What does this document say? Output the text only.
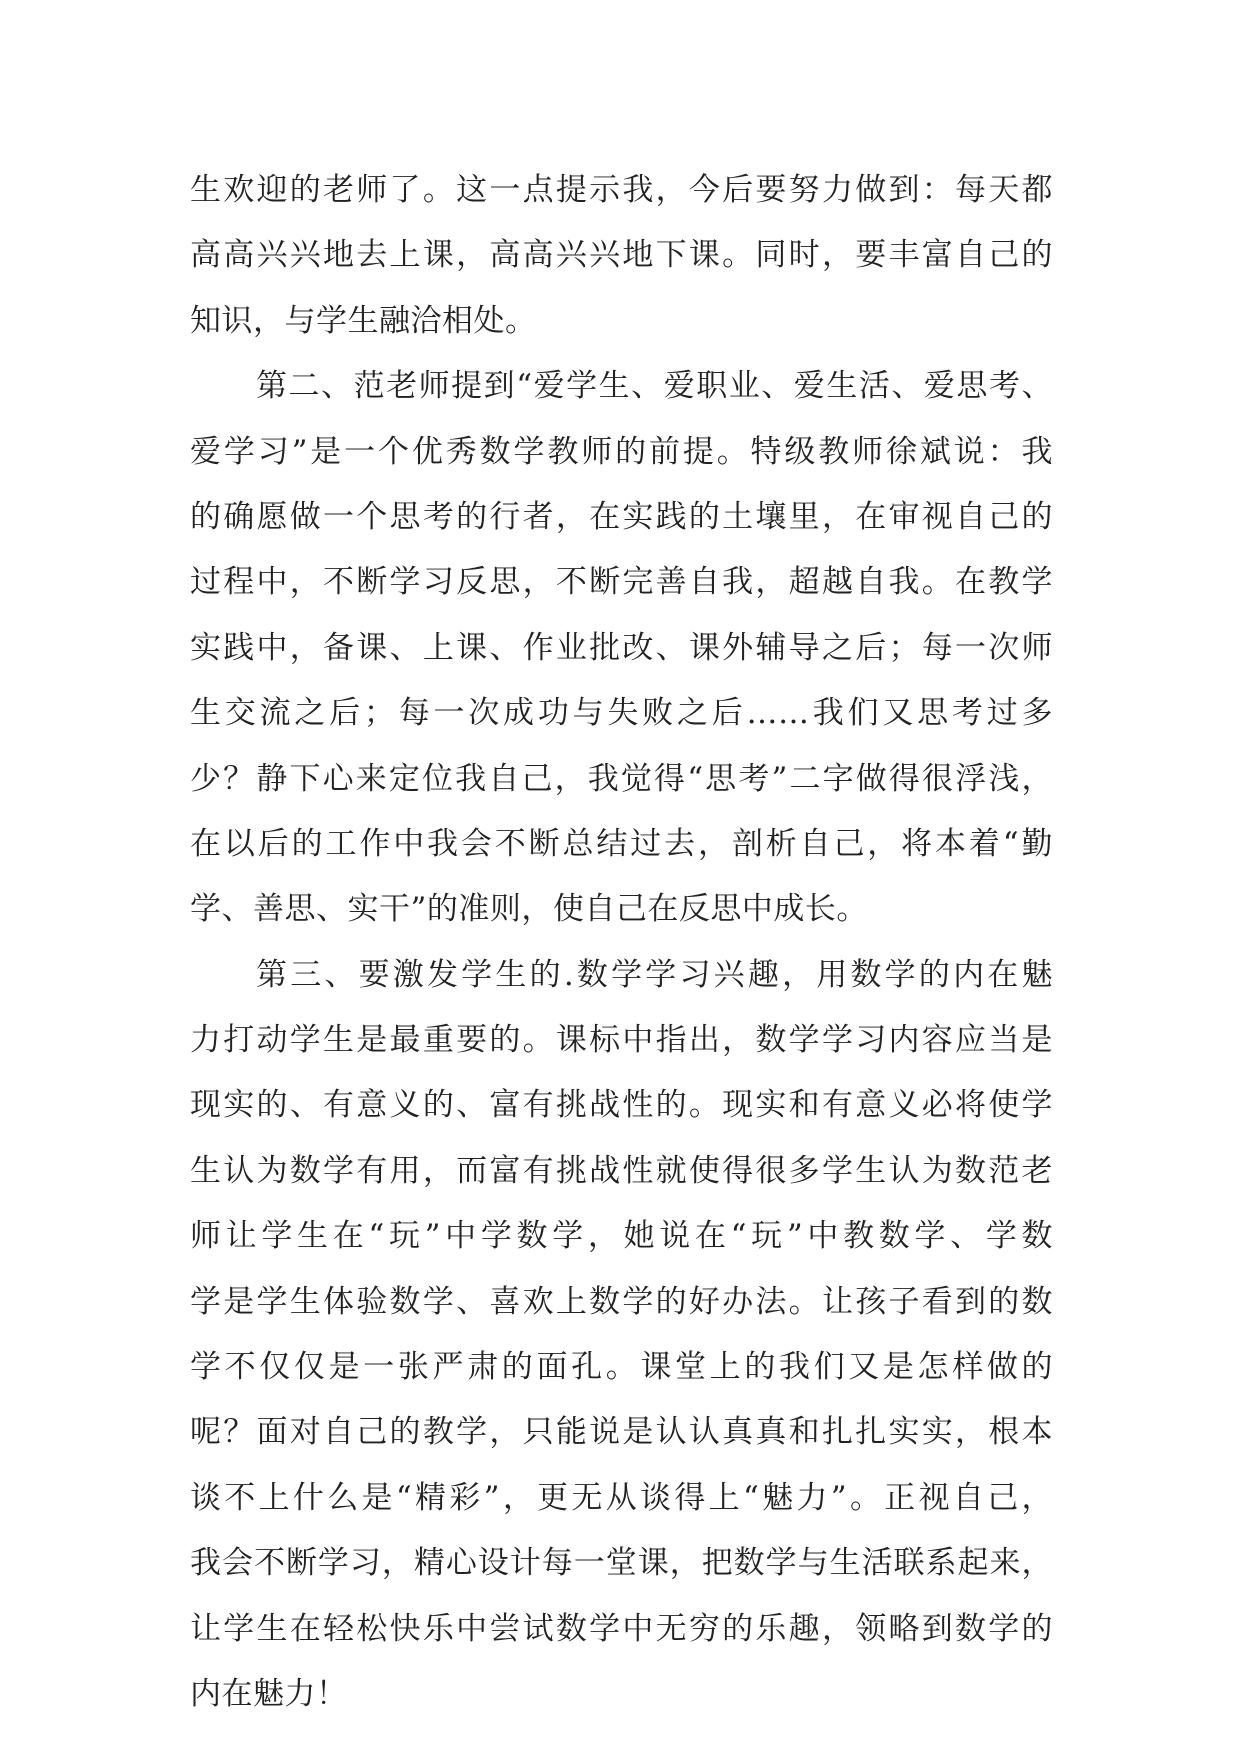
生欢迎的老师了。这一点提示我，今后要努力做到：每天都
高高兴兴地去上课，高高兴兴地下课。同时，要丰富自己的
知识，与学生融洽相处。
第二、范老师提到“爱学生、爱职业、爱生活、爱思考、
爱学习”是一个优秀数学教师的前提。特级教师徐斌说：我
的确愿做一个思考的行者，在实践的土壤里，在审视自己的
过程中，不断学习反思，不断完善自我，超越自我。在教学
实践中，备课、上课、作业批改、课外辅导之后；每一次师
生交流之后；每一次成功与失败之后……我们又思考过多
少？静下心来定位我自己，我觉得“思考”二字做得很浮浅，
在以后的工作中我会不断总结过去，剖析自己，将本着“勤
学、善思、实干”的准则，使自己在反思中成长。
第三、要激发学生的.数学学习兴趣，用数学的内在魅
力打动学生是最重要的。课标中指出，数学学习内容应当是
现实的、有意义的、富有挑战性的。现实和有意义必将使学
生认为数学有用，而富有挑战性就使得很多学生认为数范老
师让学生在“玩”中学数学，她说在“玩”中教数学、学数
学是学生体验数学、喜欢上数学的好办法。让孩子看到的数
学不仅仅是一张严肃的面孔。课堂上的我们又是怎样做的
呢？面对自己的教学，只能说是认认真真和扎扎实实，根本
谈不上什么是“精彩”，更无从谈得上“魅力”。正视自己，
我会不断学习，精心设计每一堂课，把数学与生活联系起来，
让学生在轻松快乐中尝试数学中无穷的乐趣，领略到数学的
内在魅力！
